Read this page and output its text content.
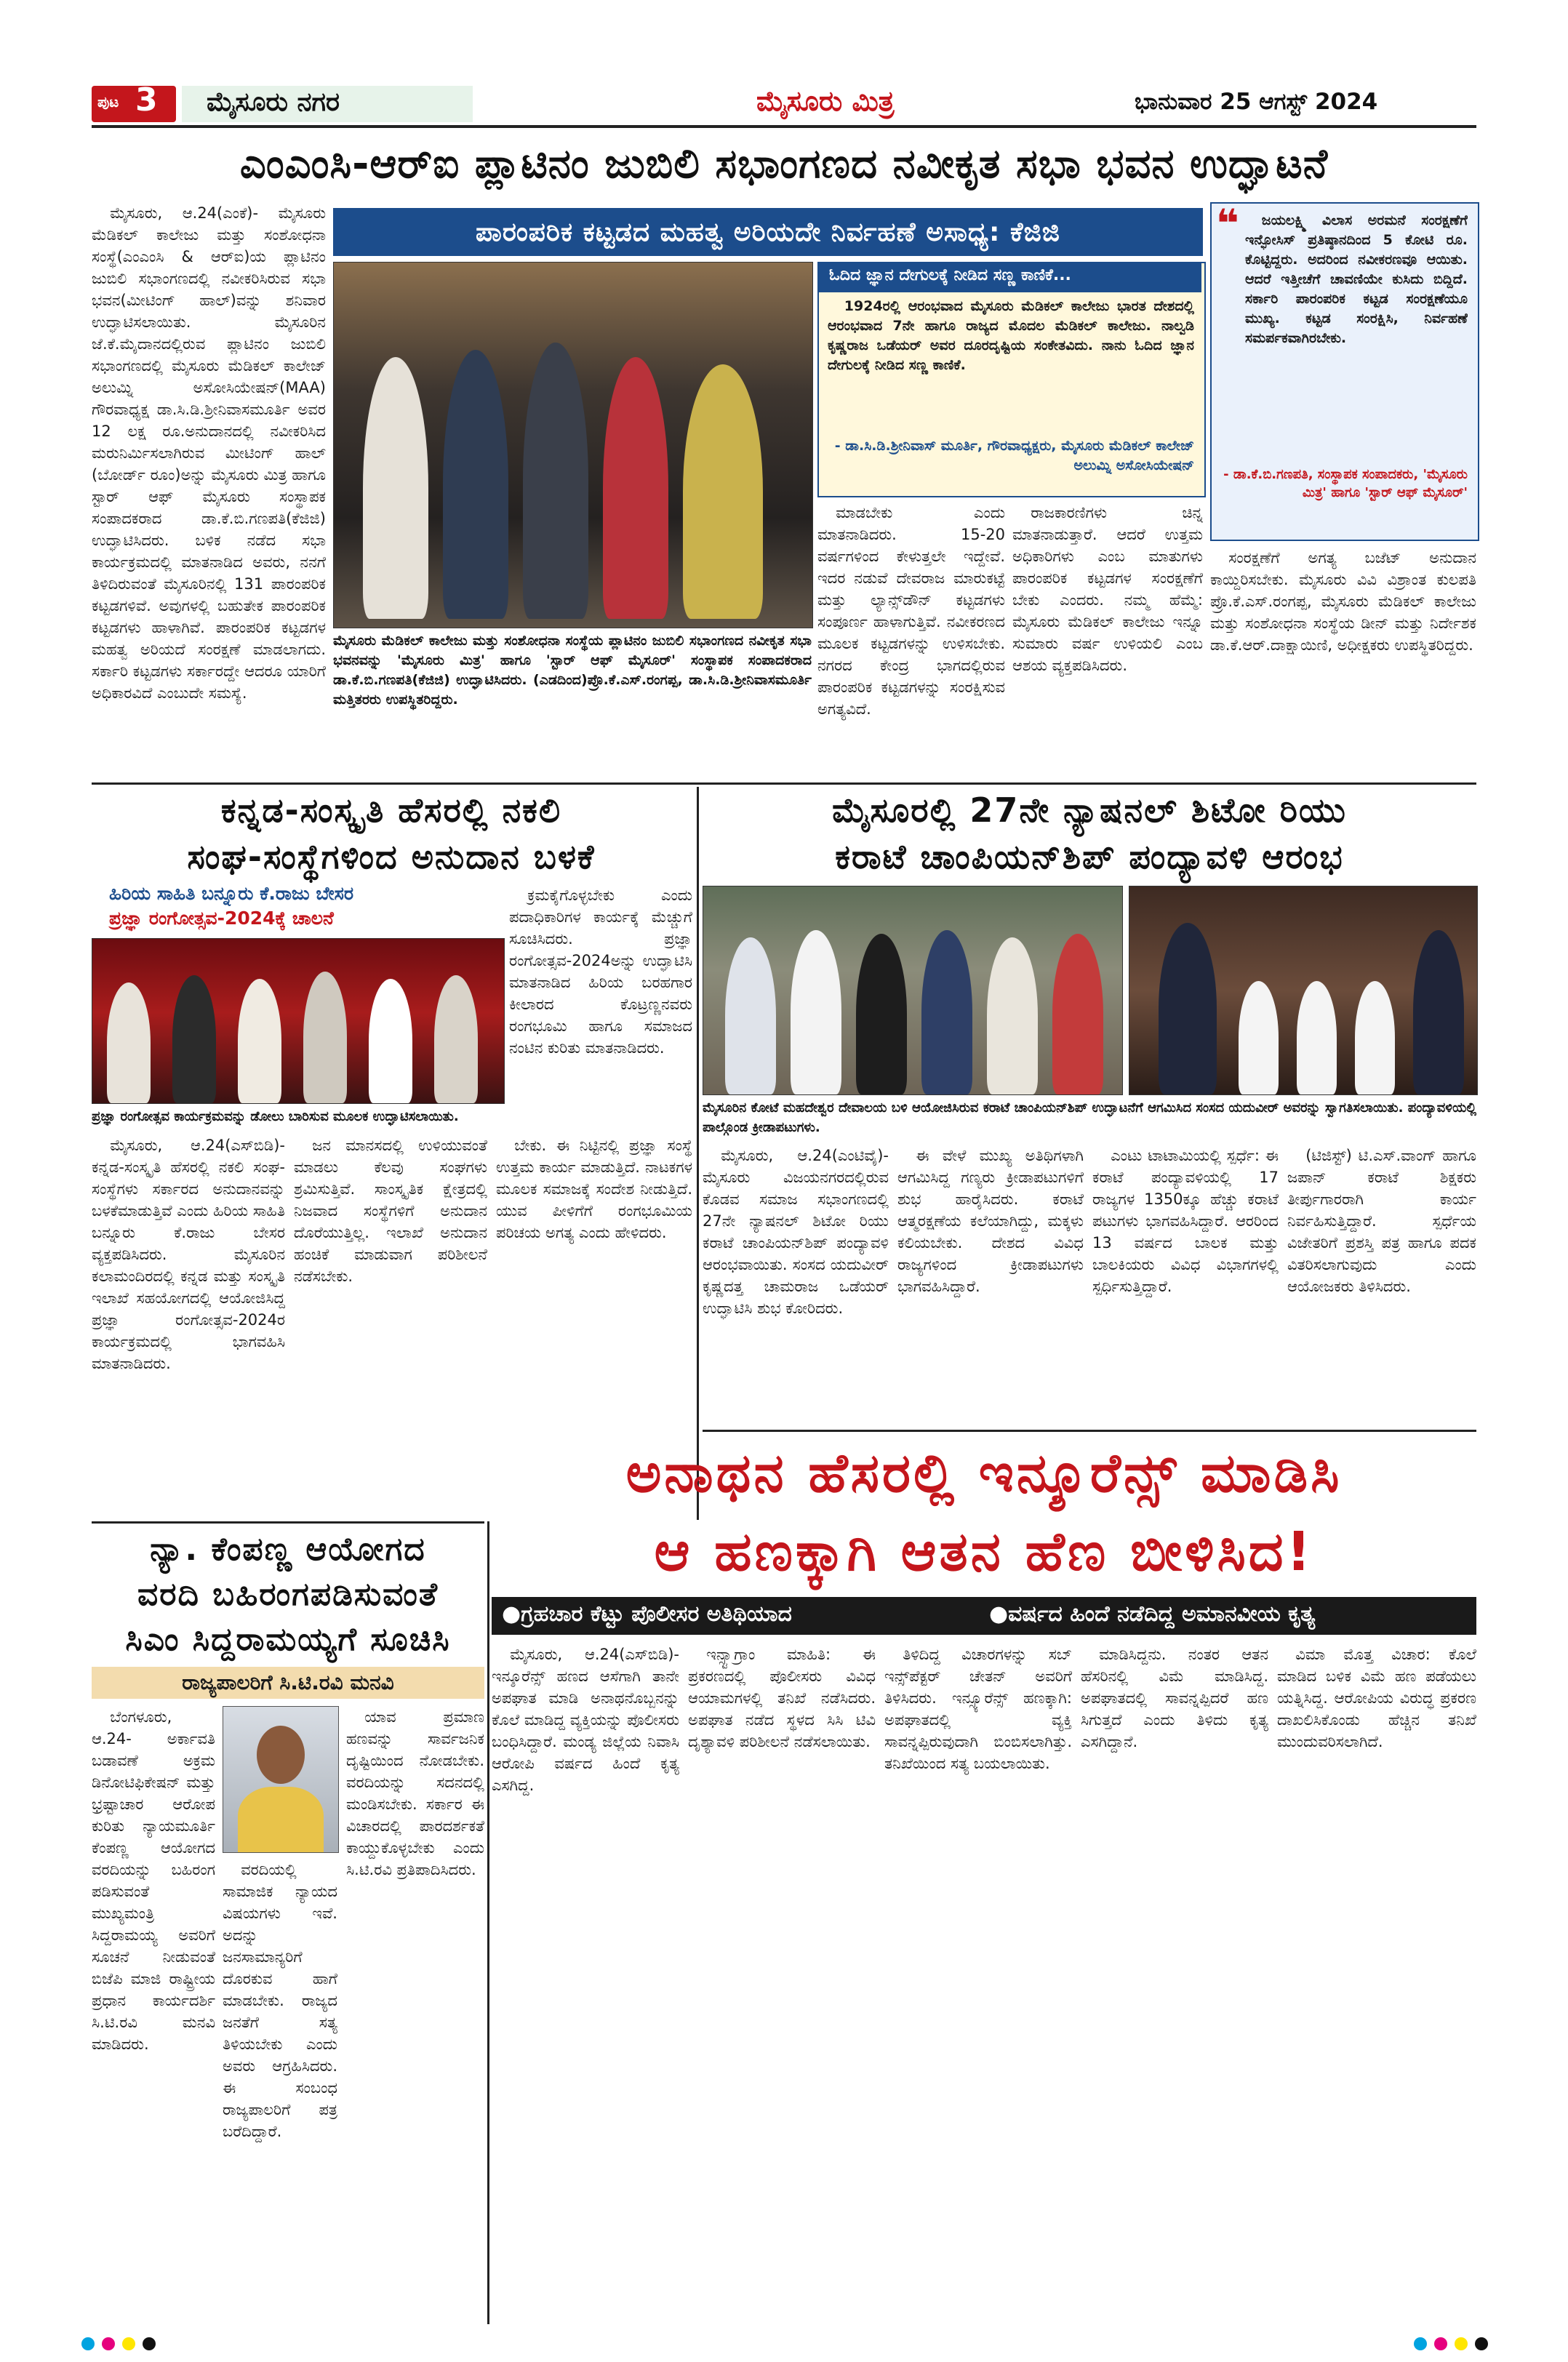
ಪುಟ 3 ಮೈಸೂರು ನಗರ	ಮೈಸೂರು ಮಿತ್ರ	ಭಾನುವಾರ 25 ಆಗಸ್ಟ್ 2024
ಎಂಎಂಸಿ-ಆರ್‌ಐ ಪ್ಲಾಟಿನಂ ಜುಬಿಲಿ ಸಭಾಂಗಣದ ನವೀಕೃತ ಸಭಾ ಭವನ ಉದ್ಘಾಟನೆ

ಮೈಸೂರು, ಆ.24(ಎಂಕೆ)- ಮೈಸೂರು ಮೆಡಿಕಲ್ ಕಾಲೇಜು ಮತ್ತು ಸಂಶೋಧನಾ ಸಂಸ್ಥೆ(ಎಂಎಂಸಿ & ಆರ್‌ಐ)ಯ ಪ್ಲಾಟಿನಂ ಜುಬಿಲಿ ಸಭಾಂಗಣದಲ್ಲಿ ನವೀಕರಿಸಿರುವ ಸಭಾ ಭವನ(ಮೀಟಿಂಗ್ ಹಾಲ್)ವನ್ನು ಶನಿವಾರ ಉದ್ಘಾಟಿಸಲಾಯಿತು. ಮೈಸೂರಿನ ಜೆ.ಕೆ.ಮೈದಾನದಲ್ಲಿರುವ ಪ್ಲಾಟಿನಂ ಜುಬಿಲಿ ಸಭಾಂಗಣದಲ್ಲಿ ಮೈಸೂರು ಮೆಡಿಕಲ್ ಕಾಲೇಜ್ ಅಲುಮ್ನಿ ಅಸೋಸಿಯೇಷನ್‌(MAA) ಗೌರವಾಧ್ಯಕ್ಷ ಡಾ.ಸಿ.ಡಿ.ಶ್ರೀನಿವಾಸಮೂರ್ತಿ ಅವರ 12 ಲಕ್ಷ ರೂ.ಅನುದಾನದಲ್ಲಿ ನವೀಕರಿಸಿದ ಮರುನಿರ್ಮಿಸಲಾಗಿರುವ ಮೀಟಿಂಗ್ ಹಾಲ್ (ಬೋರ್ಡ್ ರೂಂ)ಅನ್ನು ಮೈಸೂರು ಮಿತ್ರ ಹಾಗೂ ಸ್ಟಾರ್ ಆಫ್ ಮೈಸೂರು ಸಂಸ್ಥಾಪಕ ಸಂಪಾದಕರಾದ ಡಾ.ಕೆ.ಬಿ.ಗಣಪತಿ(ಕೆಜಿಜಿ) ಉದ್ಘಾಟಿಸಿದರು. ಬಳಿಕ ನಡೆದ ಸಭಾ ಕಾರ್ಯಕ್ರಮದಲ್ಲಿ ಮಾತನಾಡಿದ ಅವರು, ನನಗೆ ತಿಳಿದಿರುವಂತೆ ಮೈಸೂರಿನಲ್ಲಿ 131 ಪಾರಂಪರಿಕ ಕಟ್ಟಡಗಳಿವೆ. ಅವುಗಳಲ್ಲಿ ಬಹುತೇಕ ಪಾರಂಪರಿಕ ಕಟ್ಟಡಗಳು ಹಾಳಾಗಿವೆ. ಪಾರಂಪರಿಕ ಕಟ್ಟಡಗಳ ಮಹತ್ವ ಅರಿಯದೆ ಸಂರಕ್ಷಣೆ ಮಾಡಲಾಗದು. ಸರ್ಕಾರಿ ಕಟ್ಟಡಗಳು ಸರ್ಕಾರದ್ದೇ ಆದರೂ ಯಾರಿಗೆ ಅಧಿಕಾರವಿದೆ ಎಂಬುದೇ ಸಮಸ್ಯೆ.

ಪಾರಂಪರಿಕ ಕಟ್ಟಡದ ಮಹತ್ವ ಅರಿಯದೇ ನಿರ್ವಹಣೆ ಅಸಾಧ್ಯ: ಕೆಜಿಜಿ
ಮೈಸೂರು ಮೆಡಿಕಲ್ ಕಾಲೇಜು ಮತ್ತು ಸಂಶೋಧನಾ ಸಂಸ್ಥೆಯ ಪ್ಲಾಟಿನಂ ಜುಬಿಲಿ ಸಭಾಂಗಣದ ನವೀಕೃತ ಸಭಾ ಭವನವನ್ನು 'ಮೈಸೂರು ಮಿತ್ರ' ಹಾಗೂ 'ಸ್ಟಾರ್ ಆಫ್ ಮೈಸೂರ್' ಸಂಸ್ಥಾಪಕ ಸಂಪಾದಕರಾದ ಡಾ.ಕೆ.ಬಿ.ಗಣಪತಿ(ಕೆಜಿಜಿ) ಉದ್ಘಾಟಿಸಿದರು. (ಎಡದಿಂದ)ಪ್ರೊ.ಕೆ.ಎಸ್.ರಂಗಪ್ಪ, ಡಾ.ಸಿ.ಡಿ.ಶ್ರೀನಿವಾಸಮೂರ್ತಿ ಮತ್ತಿತರರು ಉಪಸ್ಥಿತರಿದ್ದರು.
ಓದಿದ ಜ್ಞಾನ ದೇಗುಲಕ್ಕೆ ನೀಡಿದ ಸಣ್ಣ ಕಾಣಿಕೆ...

1924ರಲ್ಲಿ ಆರಂಭವಾದ ಮೈಸೂರು ಮೆಡಿಕಲ್ ಕಾಲೇಜು ಭಾರತ ದೇಶದಲ್ಲಿ ಆರಂಭವಾದ 7ನೇ ಹಾಗೂ ರಾಜ್ಯದ ಮೊದಲ ಮೆಡಿಕಲ್ ಕಾಲೇಜು. ನಾಲ್ವಡಿ ಕೃಷ್ಣರಾಜ ಒಡೆಯರ್ ಅವರ ದೂರದೃಷ್ಟಿಯ ಸಂಕೇತವಿದು. ನಾನು ಓದಿದ ಜ್ಞಾನ ದೇಗುಲಕ್ಕೆ ನೀಡಿದ ಸಣ್ಣ ಕಾಣಿಕೆ.

- ಡಾ.ಸಿ.ಡಿ.ಶ್ರೀನಿವಾಸ್ ಮೂರ್ತಿ, ಗೌರವಾಧ್ಯಕ್ಷರು, ಮೈಸೂರು ಮೆಡಿಕಲ್ ಕಾಲೇಜ್ ಅಲುಮ್ನಿ ಅಸೋಸಿಯೇಷನ್

ಮಾಡಬೇಕು ಎಂದು ಮಾತನಾಡಿದರು. 15-20 ವರ್ಷಗಳಿಂದ ಕೇಳುತ್ತಲೇ ಇದ್ದೇವೆ. ಇದರ ನಡುವೆ ದೇವರಾಜ ಮಾರುಕಟ್ಟೆ ಮತ್ತು ಲ್ಯಾನ್ಸ್‌ಡೌನ್ ಕಟ್ಟಡಗಳು ಸಂಪೂರ್ಣ ಹಾಳಾಗುತ್ತಿವೆ. ನವೀಕರಣದ ಮೂಲಕ ಕಟ್ಟಡಗಳನ್ನು ಉಳಿಸಬೇಕು. ನಗರದ ಕೇಂದ್ರ ಭಾಗದಲ್ಲಿರುವ ಪಾರಂಪರಿಕ ಕಟ್ಟಡಗಳನ್ನು ಸಂರಕ್ಷಿಸುವ ಅಗತ್ಯವಿದೆ.

ರಾಜಕಾರಣಿಗಳು ಚಿನ್ನ ಮಾತನಾಡುತ್ತಾರೆ. ಆದರೆ ಉತ್ತಮ ಅಧಿಕಾರಿಗಳು ಎಂಬ ಮಾತುಗಳು ಪಾರಂಪರಿಕ ಕಟ್ಟಡಗಳ ಸಂರಕ್ಷಣೆಗೆ ಬೇಕು ಎಂದರು. ನಮ್ಮ ಹೆಮ್ಮೆ: ಮೈಸೂರು ಮೆಡಿಕಲ್ ಕಾಲೇಜು ಇನ್ನೂ ಸುಮಾರು ವರ್ಷ ಉಳಿಯಲಿ ಎಂಬ ಆಶಯ ವ್ಯಕ್ತಪಡಿಸಿದರು.

❝	ಜಯಲಕ್ಷ್ಮಿ ವಿಲಾಸ ಅರಮನೆ ಸಂರಕ್ಷಣೆಗೆ ಇನ್ಫೋಸಿಸ್ ಪ್ರತಿಷ್ಠಾನದಿಂದ 5 ಕೋಟಿ ರೂ. ಕೊಟ್ಟಿದ್ದರು. ಅದರಿಂದ ನವೀಕರಣವೂ ಆಯಿತು. ಆದರೆ ಇತ್ತೀಚೆಗೆ ಚಾವಣಿಯೇ ಕುಸಿದು ಬಿದ್ದಿದೆ. ಸರ್ಕಾರಿ ಪಾರಂಪರಿಕ ಕಟ್ಟಡ ಸಂರಕ್ಷಣೆಯೂ ಮುಖ್ಯ. ಕಟ್ಟಡ ಸಂರಕ್ಷಿಸಿ, ನಿರ್ವಹಣೆ ಸಮರ್ಪಕವಾಗಿರಬೇಕು.

- ಡಾ.ಕೆ.ಬಿ.ಗಣಪತಿ, ಸಂಸ್ಥಾಪಕ ಸಂಪಾದಕರು, 'ಮೈಸೂರು ಮಿತ್ರ' ಹಾಗೂ 'ಸ್ಟಾರ್ ಆಫ್ ಮೈಸೂರ್'

ಸಂರಕ್ಷಣೆಗೆ ಅಗತ್ಯ ಬಜೆಟ್ ಅನುದಾನ ಕಾಯ್ದಿರಿಸಬೇಕು. ಮೈಸೂರು ವಿವಿ ವಿಶ್ರಾಂತ ಕುಲಪತಿ ಪ್ರೊ.ಕೆ.ಎಸ್.ರಂಗಪ್ಪ, ಮೈಸೂರು ಮೆಡಿಕಲ್ ಕಾಲೇಜು ಮತ್ತು ಸಂಶೋಧನಾ ಸಂಸ್ಥೆಯ ಡೀನ್ ಮತ್ತು ನಿರ್ದೇಶಕ ಡಾ.ಕೆ.ಆರ್.ದಾಕ್ಷಾಯಿಣಿ, ಅಧೀಕ್ಷಕರು ಉಪಸ್ಥಿತರಿದ್ದರು.

ಕನ್ನಡ-ಸಂಸ್ಕೃತಿ ಹೆಸರಲ್ಲಿ ನಕಲಿ
ಸಂಘ-ಸಂಸ್ಥೆಗಳಿಂದ ಅನುದಾನ ಬಳಕೆ
ಹಿರಿಯ ಸಾಹಿತಿ ಬನ್ನೂರು ಕೆ.ರಾಜು ಬೇಸರ
ಪ್ರಜ್ಞಾ ರಂಗೋತ್ಸವ-2024ಕ್ಕೆ ಚಾಲನೆ

ಕ್ರಮಕೈಗೊಳ್ಳಬೇಕು ಎಂದು ಪದಾಧಿಕಾರಿಗಳ ಕಾರ್ಯಕ್ಕೆ ಮೆಚ್ಚುಗೆ ಸೂಚಿಸಿದರು. ಪ್ರಜ್ಞಾ ರಂಗೋತ್ಸವ-2024ಅನ್ನು ಉದ್ಘಾಟಿಸಿ ಮಾತನಾಡಿದ ಹಿರಿಯ ಬರಹಗಾರ ಕೀಲಾರದ ಕೊಟ್ರಣ್ಣನವರು ರಂಗಭೂಮಿ ಹಾಗೂ ಸಮಾಜದ ನಂಟಿನ ಕುರಿತು ಮಾತನಾಡಿದರು.

ಪ್ರಜ್ಞಾ ರಂಗೋತ್ಸವ ಕಾರ್ಯಕ್ರಮವನ್ನು ಡೋಲು ಬಾರಿಸುವ ಮೂಲಕ ಉದ್ಘಾಟಿಸಲಾಯಿತು.

ಮೈಸೂರು, ಆ.24(ಎಸ್‌ಬಿಡಿ)- ಕನ್ನಡ-ಸಂಸ್ಕೃತಿ ಹೆಸರಲ್ಲಿ ನಕಲಿ ಸಂಘ-ಸಂಸ್ಥೆಗಳು ಸರ್ಕಾರದ ಅನುದಾನವನ್ನು ಬಳಕೆಮಾಡುತ್ತಿವೆ ಎಂದು ಹಿರಿಯ ಸಾಹಿತಿ ಬನ್ನೂರು ಕೆ.ರಾಜು ಬೇಸರ ವ್ಯಕ್ತಪಡಿಸಿದರು. ಮೈಸೂರಿನ ಕಲಾಮಂದಿರದಲ್ಲಿ ಕನ್ನಡ ಮತ್ತು ಸಂಸ್ಕೃತಿ ಇಲಾಖೆ ಸಹಯೋಗದಲ್ಲಿ ಆಯೋಜಿಸಿದ್ದ ಪ್ರಜ್ಞಾ ರಂಗೋತ್ಸವ-2024ರ ಕಾರ್ಯಕ್ರಮದಲ್ಲಿ ಭಾಗವಹಿಸಿ ಮಾತನಾಡಿದರು.

ಜನ ಮಾನಸದಲ್ಲಿ ಉಳಿಯುವಂತೆ ಮಾಡಲು ಕೆಲವು ಸಂಘಗಳು ಶ್ರಮಿಸುತ್ತಿವೆ. ಸಾಂಸ್ಕೃತಿಕ ಕ್ಷೇತ್ರದಲ್ಲಿ ನಿಜವಾದ ಸಂಸ್ಥೆಗಳಿಗೆ ಅನುದಾನ ದೊರೆಯುತ್ತಿಲ್ಲ. ಇಲಾಖೆ ಅನುದಾನ ಹಂಚಿಕೆ ಮಾಡುವಾಗ ಪರಿಶೀಲನೆ ನಡೆಸಬೇಕು.

ಬೇಕು. ಈ ನಿಟ್ಟಿನಲ್ಲಿ ಪ್ರಜ್ಞಾ ಸಂಸ್ಥೆ ಉತ್ತಮ ಕಾರ್ಯ ಮಾಡುತ್ತಿದೆ. ನಾಟಕಗಳ ಮೂಲಕ ಸಮಾಜಕ್ಕೆ ಸಂದೇಶ ನೀಡುತ್ತಿದೆ. ಯುವ ಪೀಳಿಗೆಗೆ ರಂಗಭೂಮಿಯ ಪರಿಚಯ ಅಗತ್ಯ ಎಂದು ಹೇಳಿದರು.

ಮೈಸೂರಲ್ಲಿ 27ನೇ ನ್ಯಾಷನಲ್ ಶಿಟೋ ರಿಯು
ಕರಾಟೆ ಚಾಂಪಿಯನ್‌ಶಿಪ್ ಪಂದ್ಯಾವಳಿ ಆರಂಭ
ಮೈಸೂರಿನ ಕೋಟೆ ಮಹದೇಶ್ವರ ದೇವಾಲಯ ಬಳಿ ಆಯೋಜಿಸಿರುವ ಕರಾಟೆ ಚಾಂಪಿಯನ್‌ಶಿಪ್ ಉದ್ಘಾಟನೆಗೆ ಆಗಮಿಸಿದ ಸಂಸದ ಯದುವೀರ್ ಅವರನ್ನು ಸ್ವಾಗತಿಸಲಾಯಿತು. ಪಂದ್ಯಾವಳಿಯಲ್ಲಿ ಪಾಲ್ಗೊಂಡ ಕ್ರೀಡಾಪಟುಗಳು.

ಮೈಸೂರು, ಆ.24(ಎಂಟಿವೈ)- ಮೈಸೂರು ವಿಜಯನಗರದಲ್ಲಿರುವ ಕೊಡವ ಸಮಾಜ ಸಭಾಂಗಣದಲ್ಲಿ 27ನೇ ನ್ಯಾಷನಲ್ ಶಿಟೋ ರಿಯು ಕರಾಟೆ ಚಾಂಪಿಯನ್‌ಶಿಪ್ ಪಂದ್ಯಾವಳಿ ಆರಂಭವಾಯಿತು. ಸಂಸದ ಯದುವೀರ್ ಕೃಷ್ಣದತ್ತ ಚಾಮರಾಜ ಒಡೆಯರ್ ಉದ್ಘಾಟಿಸಿ ಶುಭ ಕೋರಿದರು.

ಈ ವೇಳೆ ಮುಖ್ಯ ಅತಿಥಿಗಳಾಗಿ ಆಗಮಿಸಿದ್ದ ಗಣ್ಯರು ಕ್ರೀಡಾಪಟುಗಳಿಗೆ ಶುಭ ಹಾರೈಸಿದರು. ಕರಾಟೆ ಆತ್ಮರಕ್ಷಣೆಯ ಕಲೆಯಾಗಿದ್ದು, ಮಕ್ಕಳು ಕಲಿಯಬೇಕು. ದೇಶದ ವಿವಿಧ ರಾಜ್ಯಗಳಿಂದ ಕ್ರೀಡಾಪಟುಗಳು ಭಾಗವಹಿಸಿದ್ದಾರೆ.

ಎಂಟು ಟಾಟಾಮಿಯಲ್ಲಿ ಸ್ಪರ್ಧೆ: ಈ ಕರಾಟೆ ಪಂದ್ಯಾವಳಿಯಲ್ಲಿ 17 ರಾಜ್ಯಗಳ 1350ಕ್ಕೂ ಹೆಚ್ಚು ಕರಾಟೆ ಪಟುಗಳು ಭಾಗವಹಿಸಿದ್ದಾರೆ. ಆರರಿಂದ 13 ವರ್ಷದ ಬಾಲಕ ಮತ್ತು ಬಾಲಕಿಯರು ವಿವಿಧ ವಿಭಾಗಗಳಲ್ಲಿ ಸ್ಪರ್ಧಿಸುತ್ತಿದ್ದಾರೆ.

(ಟಿಜಿಸ್ಟ್) ಟಿ.ಎಸ್.ವಾಂಗ್ ಹಾಗೂ ಜಪಾನ್ ಕರಾಟೆ ಶಿಕ್ಷಕರು ತೀರ್ಪುಗಾರರಾಗಿ ಕಾರ್ಯ ನಿರ್ವಹಿಸುತ್ತಿದ್ದಾರೆ. ಸ್ಪರ್ಧೆಯ ವಿಜೇತರಿಗೆ ಪ್ರಶಸ್ತಿ ಪತ್ರ ಹಾಗೂ ಪದಕ ವಿತರಿಸಲಾಗುವುದು ಎಂದು ಆಯೋಜಕರು ತಿಳಿಸಿದರು.

ಅನಾಥನ ಹೆಸರಲ್ಲಿ ಇನ್ಶೂರೆನ್ಸ್ ಮಾಡಿಸಿ
ಆ ಹಣಕ್ಕಾಗಿ ಆತನ ಹೆಣ ಬೀಳಿಸಿದ!
●ಗ್ರಹಚಾರ ಕೆಟ್ಟು ಪೊಲೀಸರ ಅತಿಥಿಯಾದ	●ವರ್ಷದ ಹಿಂದೆ ನಡೆದಿದ್ದ ಅಮಾನವೀಯ ಕೃತ್ಯ

ಮೈಸೂರು, ಆ.24(ಎಸ್‌ಬಿಡಿ)- ಇನ್ಶೂರೆನ್ಸ್ ಹಣದ ಆಸೆಗಾಗಿ ತಾನೇ ಅಪಘಾತ ಮಾಡಿ ಅನಾಥನೊಬ್ಬನನ್ನು ಕೊಲೆ ಮಾಡಿದ್ದ ವ್ಯಕ್ತಿಯನ್ನು ಪೊಲೀಸರು ಬಂಧಿಸಿದ್ದಾರೆ. ಮಂಡ್ಯ ಜಿಲ್ಲೆಯ ನಿವಾಸಿ ಆರೋಪಿ ವರ್ಷದ ಹಿಂದೆ ಕೃತ್ಯ ಎಸಗಿದ್ದ.

ಇನ್ಸ್ಟಾಗ್ರಾಂ ಮಾಹಿತಿ: ಈ ಪ್ರಕರಣದಲ್ಲಿ ಪೊಲೀಸರು ವಿವಿಧ ಆಯಾಮಗಳಲ್ಲಿ ತನಿಖೆ ನಡೆಸಿದರು. ಅಪಘಾತ ನಡೆದ ಸ್ಥಳದ ಸಿಸಿ ಟಿವಿ ದೃಶ್ಯಾವಳಿ ಪರಿಶೀಲನೆ ನಡೆಸಲಾಯಿತು.

ತಿಳಿದಿದ್ದ ವಿಚಾರಗಳನ್ನು ಸಬ್ ಇನ್ಸ್‌ಪೆಕ್ಟರ್ ಚೇತನ್ ಅವರಿಗೆ ತಿಳಿಸಿದರು. ಇನ್ಸ್ಯೂರೆನ್ಸ್ ಹಣಕ್ಕಾಗಿ: ಅಪಘಾತದಲ್ಲಿ ವ್ಯಕ್ತಿ ಸಾವನ್ನಪ್ಪಿರುವುದಾಗಿ ಬಿಂಬಿಸಲಾಗಿತ್ತು. ತನಿಖೆಯಿಂದ ಸತ್ಯ ಬಯಲಾಯಿತು.

ಮಾಡಿಸಿದ್ದನು. ನಂತರ ಆತನ ಹೆಸರಿನಲ್ಲಿ ವಿಮೆ ಮಾಡಿಸಿದ್ದ. ಅಪಘಾತದಲ್ಲಿ ಸಾವನ್ನಪ್ಪಿದರೆ ಹಣ ಸಿಗುತ್ತದೆ ಎಂದು ತಿಳಿದು ಕೃತ್ಯ ಎಸಗಿದ್ದಾನೆ.

ವಿಮಾ ಮೊತ್ತ ವಿಚಾರ: ಕೊಲೆ ಮಾಡಿದ ಬಳಿಕ ವಿಮೆ ಹಣ ಪಡೆಯಲು ಯತ್ನಿಸಿದ್ದ. ಆರೋಪಿಯ ವಿರುದ್ಧ ಪ್ರಕರಣ ದಾಖಲಿಸಿಕೊಂಡು ಹೆಚ್ಚಿನ ತನಿಖೆ ಮುಂದುವರಿಸಲಾಗಿದೆ.

ನ್ಯಾ. ಕೆಂಪಣ್ಣ ಆಯೋಗದ
ವರದಿ ಬಹಿರಂಗಪಡಿಸುವಂತೆ
ಸಿಎಂ ಸಿದ್ದರಾಮಯ್ಯಗೆ ಸೂಚಿಸಿ
ರಾಜ್ಯಪಾಲರಿಗೆ ಸಿ.ಟಿ.ರವಿ ಮನವಿ

ಬೆಂಗಳೂರು, ಆ.24- ಅರ್ಕಾವತಿ ಬಡಾವಣೆ ಅಕ್ರಮ ಡಿನೋಟಿಫಿಕೇಷನ್ ಮತ್ತು ಭ್ರಷ್ಟಾಚಾರ ಆರೋಪ ಕುರಿತು ನ್ಯಾಯಮೂರ್ತಿ ಕೆಂಪಣ್ಣ ಆಯೋಗದ ವರದಿಯನ್ನು ಬಹಿರಂಗ ಪಡಿಸುವಂತೆ ಮುಖ್ಯಮಂತ್ರಿ ಸಿದ್ದರಾಮಯ್ಯ ಅವರಿಗೆ ಸೂಚನೆ ನೀಡುವಂತೆ ಬಿಜೆಪಿ ಮಾಜಿ ರಾಷ್ಟ್ರೀಯ ಪ್ರಧಾನ ಕಾರ್ಯದರ್ಶಿ ಸಿ.ಟಿ.ರವಿ ಮನವಿ ಮಾಡಿದರು.

ವರದಿಯಲ್ಲಿ ಸಾಮಾಜಿಕ ನ್ಯಾಯದ ವಿಷಯಗಳು ಇವೆ. ಅದನ್ನು ಜನಸಾಮಾನ್ಯರಿಗೆ ದೊರಕುವ ಹಾಗೆ ಮಾಡಬೇಕು. ರಾಜ್ಯದ ಜನತೆಗೆ ಸತ್ಯ ತಿಳಿಯಬೇಕು ಎಂದು ಅವರು ಆಗ್ರಹಿಸಿದರು. ಈ ಸಂಬಂಧ ರಾಜ್ಯಪಾಲರಿಗೆ ಪತ್ರ ಬರೆದಿದ್ದಾರೆ.

ಯಾವ ಪ್ರಮಾಣ ಹಣವನ್ನು ಸಾರ್ವಜನಿಕ ದೃಷ್ಟಿಯಿಂದ ನೋಡಬೇಕು. ವರದಿಯನ್ನು ಸದನದಲ್ಲಿ ಮಂಡಿಸಬೇಕು. ಸರ್ಕಾರ ಈ ವಿಚಾರದಲ್ಲಿ ಪಾರದರ್ಶಕತೆ ಕಾಯ್ದುಕೊಳ್ಳಬೇಕು ಎಂದು ಸಿ.ಟಿ.ರವಿ ಪ್ರತಿಪಾದಿಸಿದರು.
